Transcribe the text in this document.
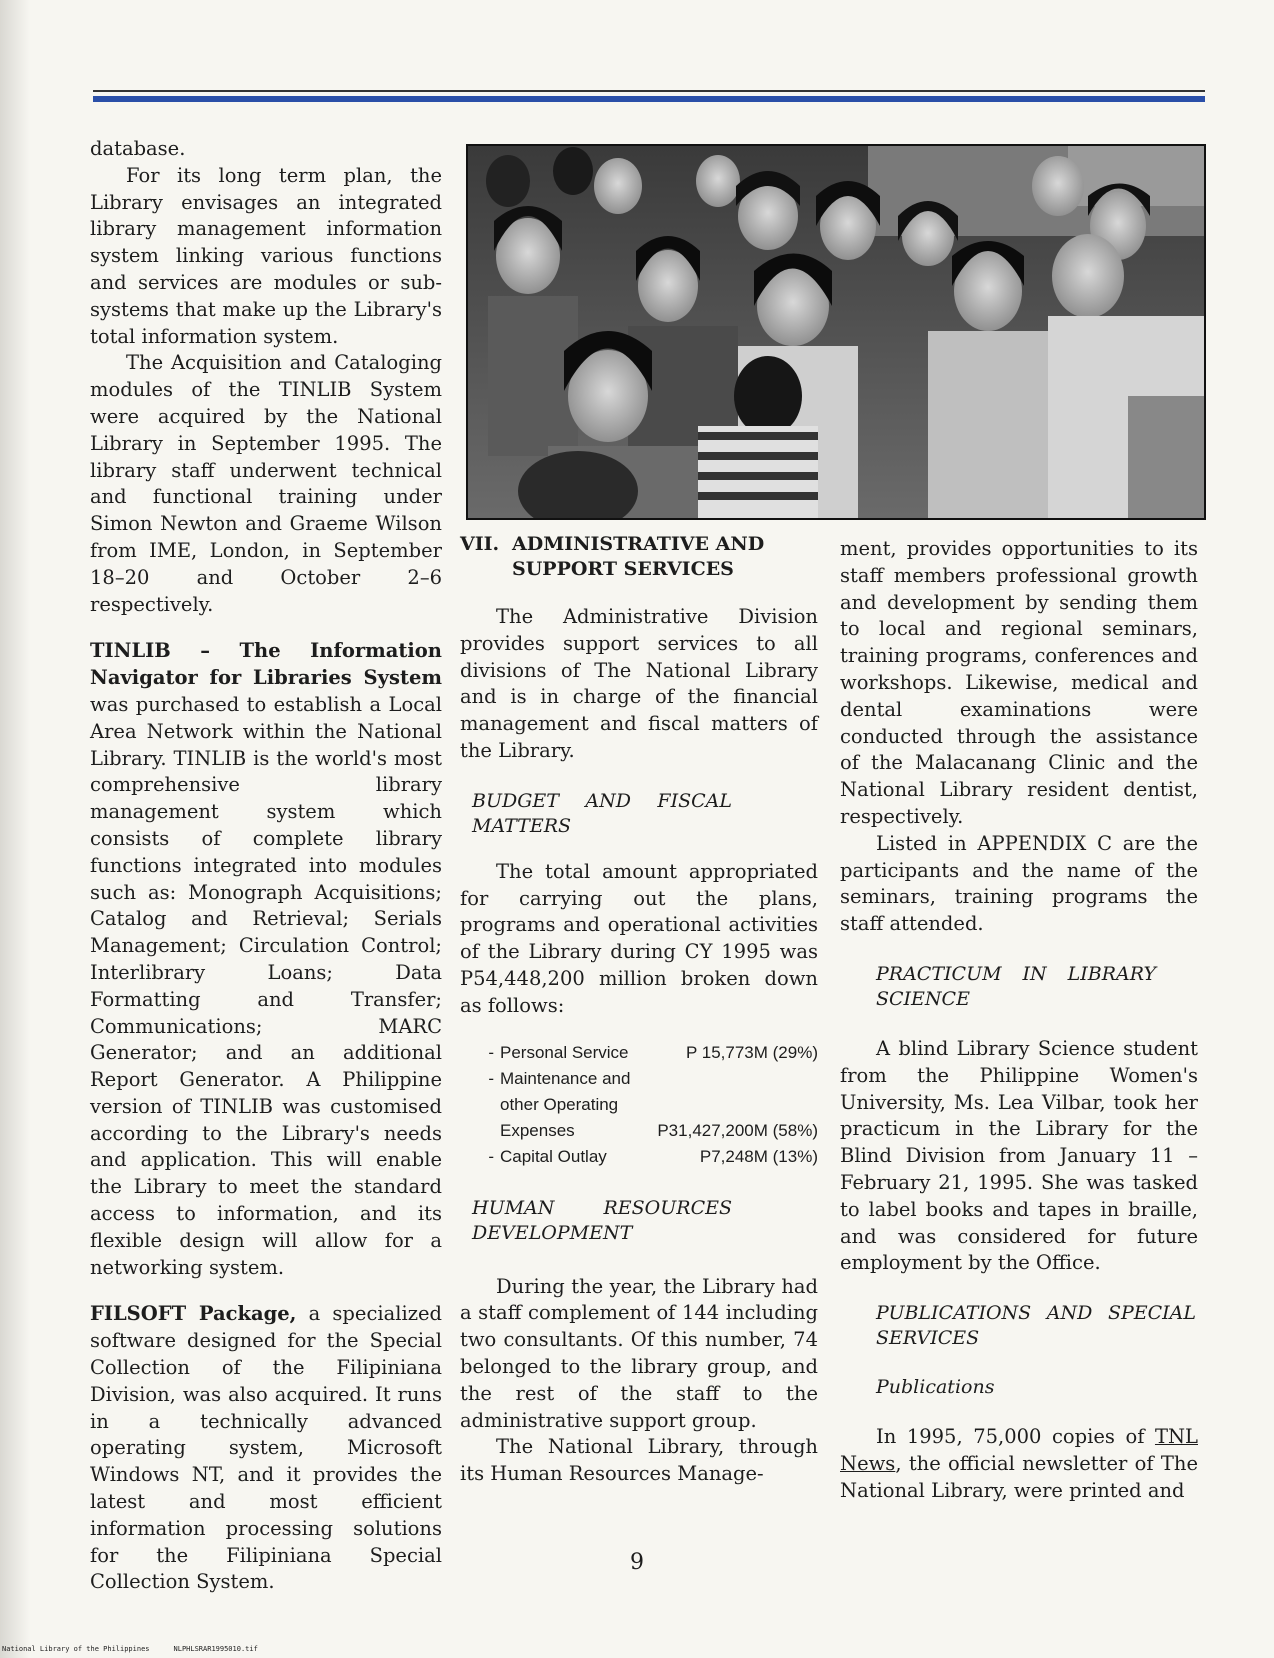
database.

For its long term plan, the Library envisages an integrated library management information system linking various functions and services are modules or sub-systems that make up the Library's total information system.

The Acquisition and Cataloging modules of the TINLIB System were acquired by the National Library in September 1995. The library staff underwent technical and functional training under Simon Newton and Graeme Wilson from IME, London, in September 18–20 and October 2–6 respectively.

TINLIB – The Information Navigator for Libraries System was purchased to establish a Local Area Network within the National Library. TINLIB is the world's most comprehensive library management system which consists of complete library functions integrated into modules such as: Monograph Acquisitions; Catalog and Retrieval; Serials Management; Circulation Control; Interlibrary Loans; Data Formatting and Transfer; Communications; MARC Generator; and an additional Report Generator. A Philippine version of TINLIB was customised according to the Library's needs and application. This will enable the Library to meet the standard access to information, and its flexible design will allow for a networking system.

FILSOFT Package, a specialized software designed for the Special Collection of the Filipiniana Division, was also acquired. It runs in a technically advanced operating system, Microsoft Windows NT, and it provides the latest and most efficient information processing solutions for the Filipiniana Special Collection System.

VII. ADMINISTRATIVE AND
SUPPORT SERVICES

The Administrative Division provides support services to all divisions of The National Library and is in charge of the financial management and fiscal matters of the Library.

BUDGET AND FISCAL MATTERS

The total amount appropriated for carrying out the plans, programs and operational activities of the Library during CY 1995 was P54,448,200 million broken down as follows:

- Personal Service	P 15,773M (29%)
- Maintenance and
other Operating
Expenses	P31,427,200M (58%)
- Capital Outlay	P7,248M (13%)
HUMAN RESOURCES DEVELOPMENT

During the year, the Library had a staff complement of 144 including two consultants. Of this number, 74 belonged to the library group, and the rest of the staff to the administrative support group.

The National Library, through its Human Resources Manage-

ment, provides opportunities to its staff members professional growth and development by sending them to local and regional seminars, training programs, conferences and workshops. Likewise, medical and dental examinations were conducted through the assistance of the Malacanang Clinic and the National Library resident dentist, respectively.

Listed in APPENDIX C are the participants and the name of the seminars, training programs the staff attended.

PRACTICUM IN LIBRARY SCIENCE

A blind Library Science student from the Philippine Women's University, Ms. Lea Vilbar, took her practicum in the Library for the Blind Division from January 11 – February 21, 1995. She was tasked to label books and tapes in braille, and was considered for future employment by the Office.

PUBLICATIONS AND SPECIAL SERVICES
Publications

In 1995, 75,000 copies of TNL News, the official newsletter of The National Library, were printed and

9
National Library of the Philippines	NLPHLSRAR1995010.tif
